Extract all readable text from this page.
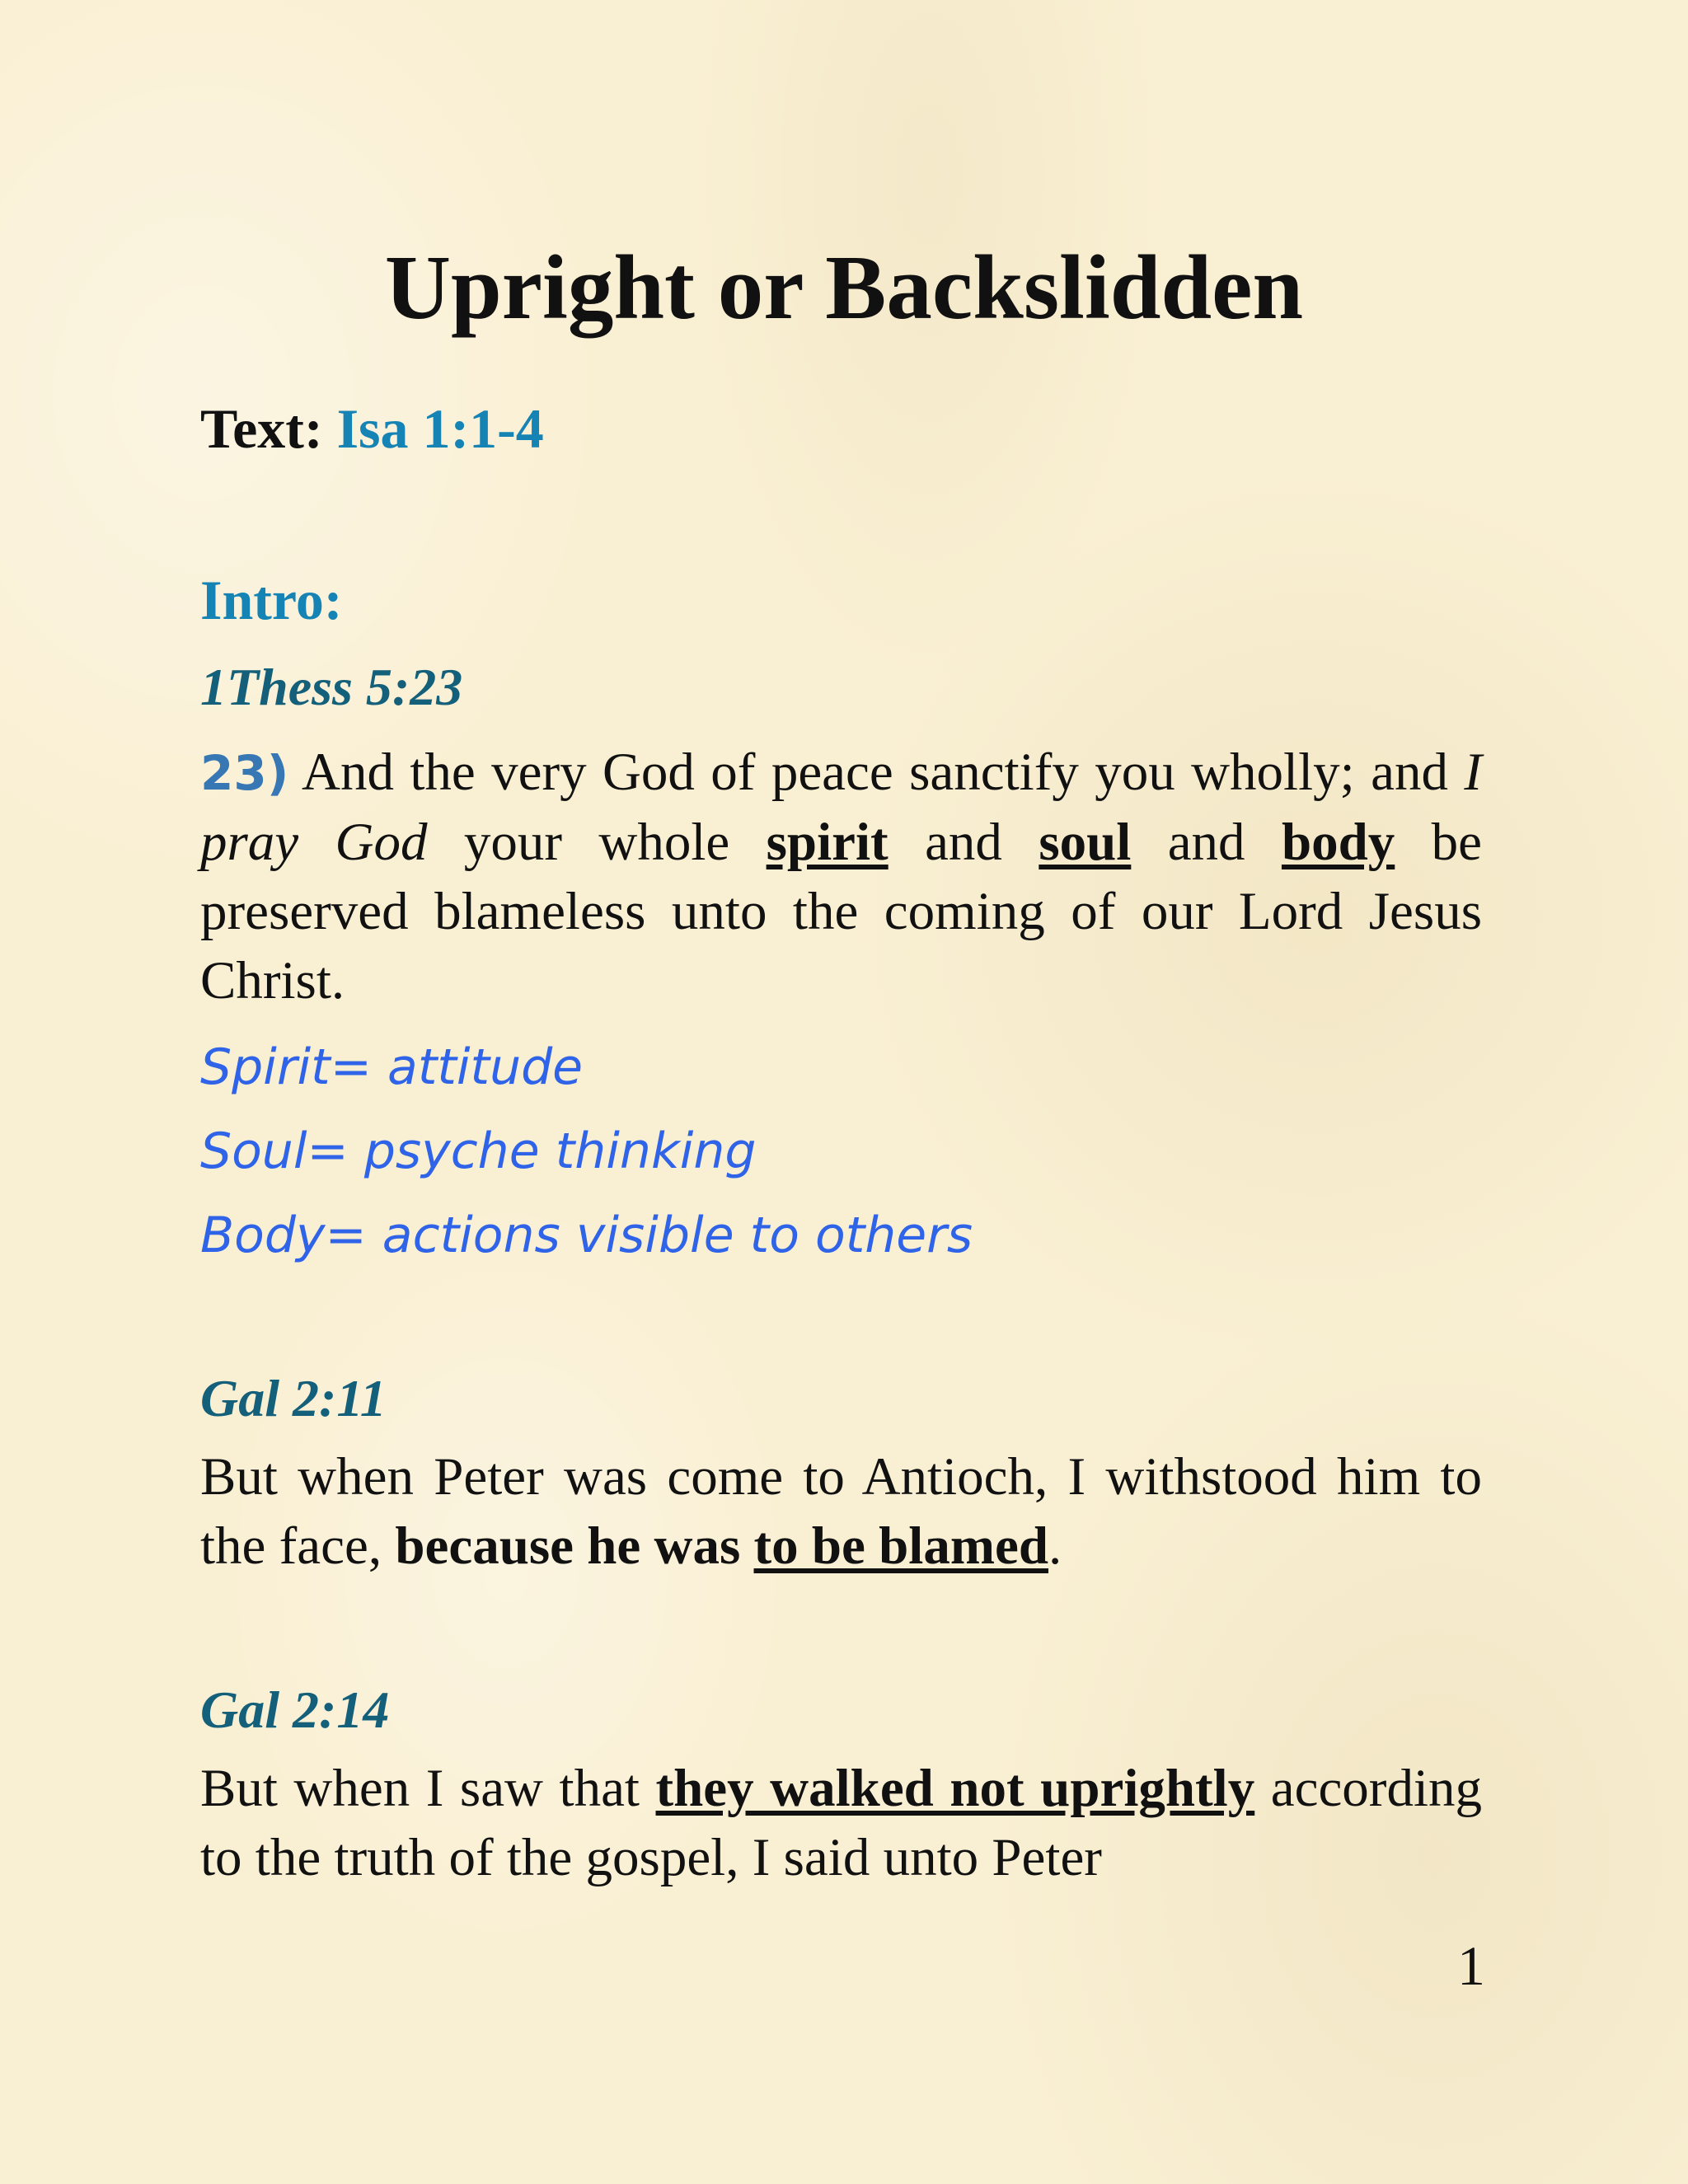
Upright or Backslidden
Text: Isa 1:1-4
Intro:
1Thess 5:23
23) And the very God of peace sanctify you wholly; and I pray God your whole spirit and soul and body be preserved blameless unto the coming of our Lord Jesus Christ.
Spirit= attitude
Soul= psyche thinking
Body= actions visible to others
Gal 2:11
But when Peter was come to Antioch, I withstood him to the face, because he was to be blamed.
Gal 2:14
But when I saw that they walked not uprightly according to the truth of the gospel, I said unto Peter
1
